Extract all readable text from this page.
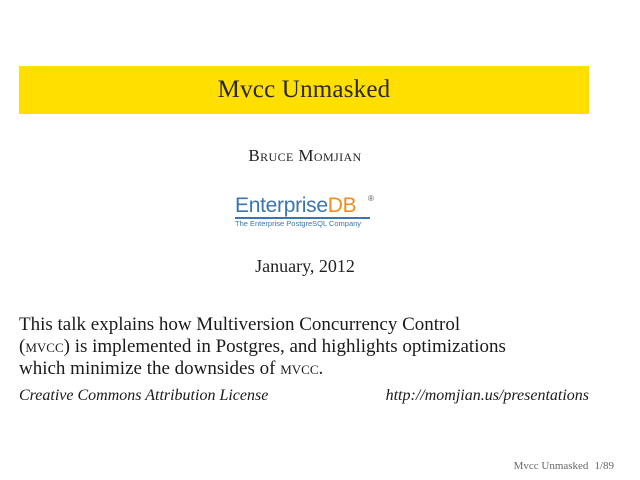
Mvcc Unmasked
Bruce Momjian
EnterpriseDB ®
The Enterprise PostgreSQL Company
January, 2012
This talk explains how Multiversion Concurrency Control
(mvcc) is implemented in Postgres, and highlights optimizations
which minimize the downsides of mvcc.
Creative Commons Attribution License	http://momjian.us/presentations
Mvcc Unmasked 1/89
